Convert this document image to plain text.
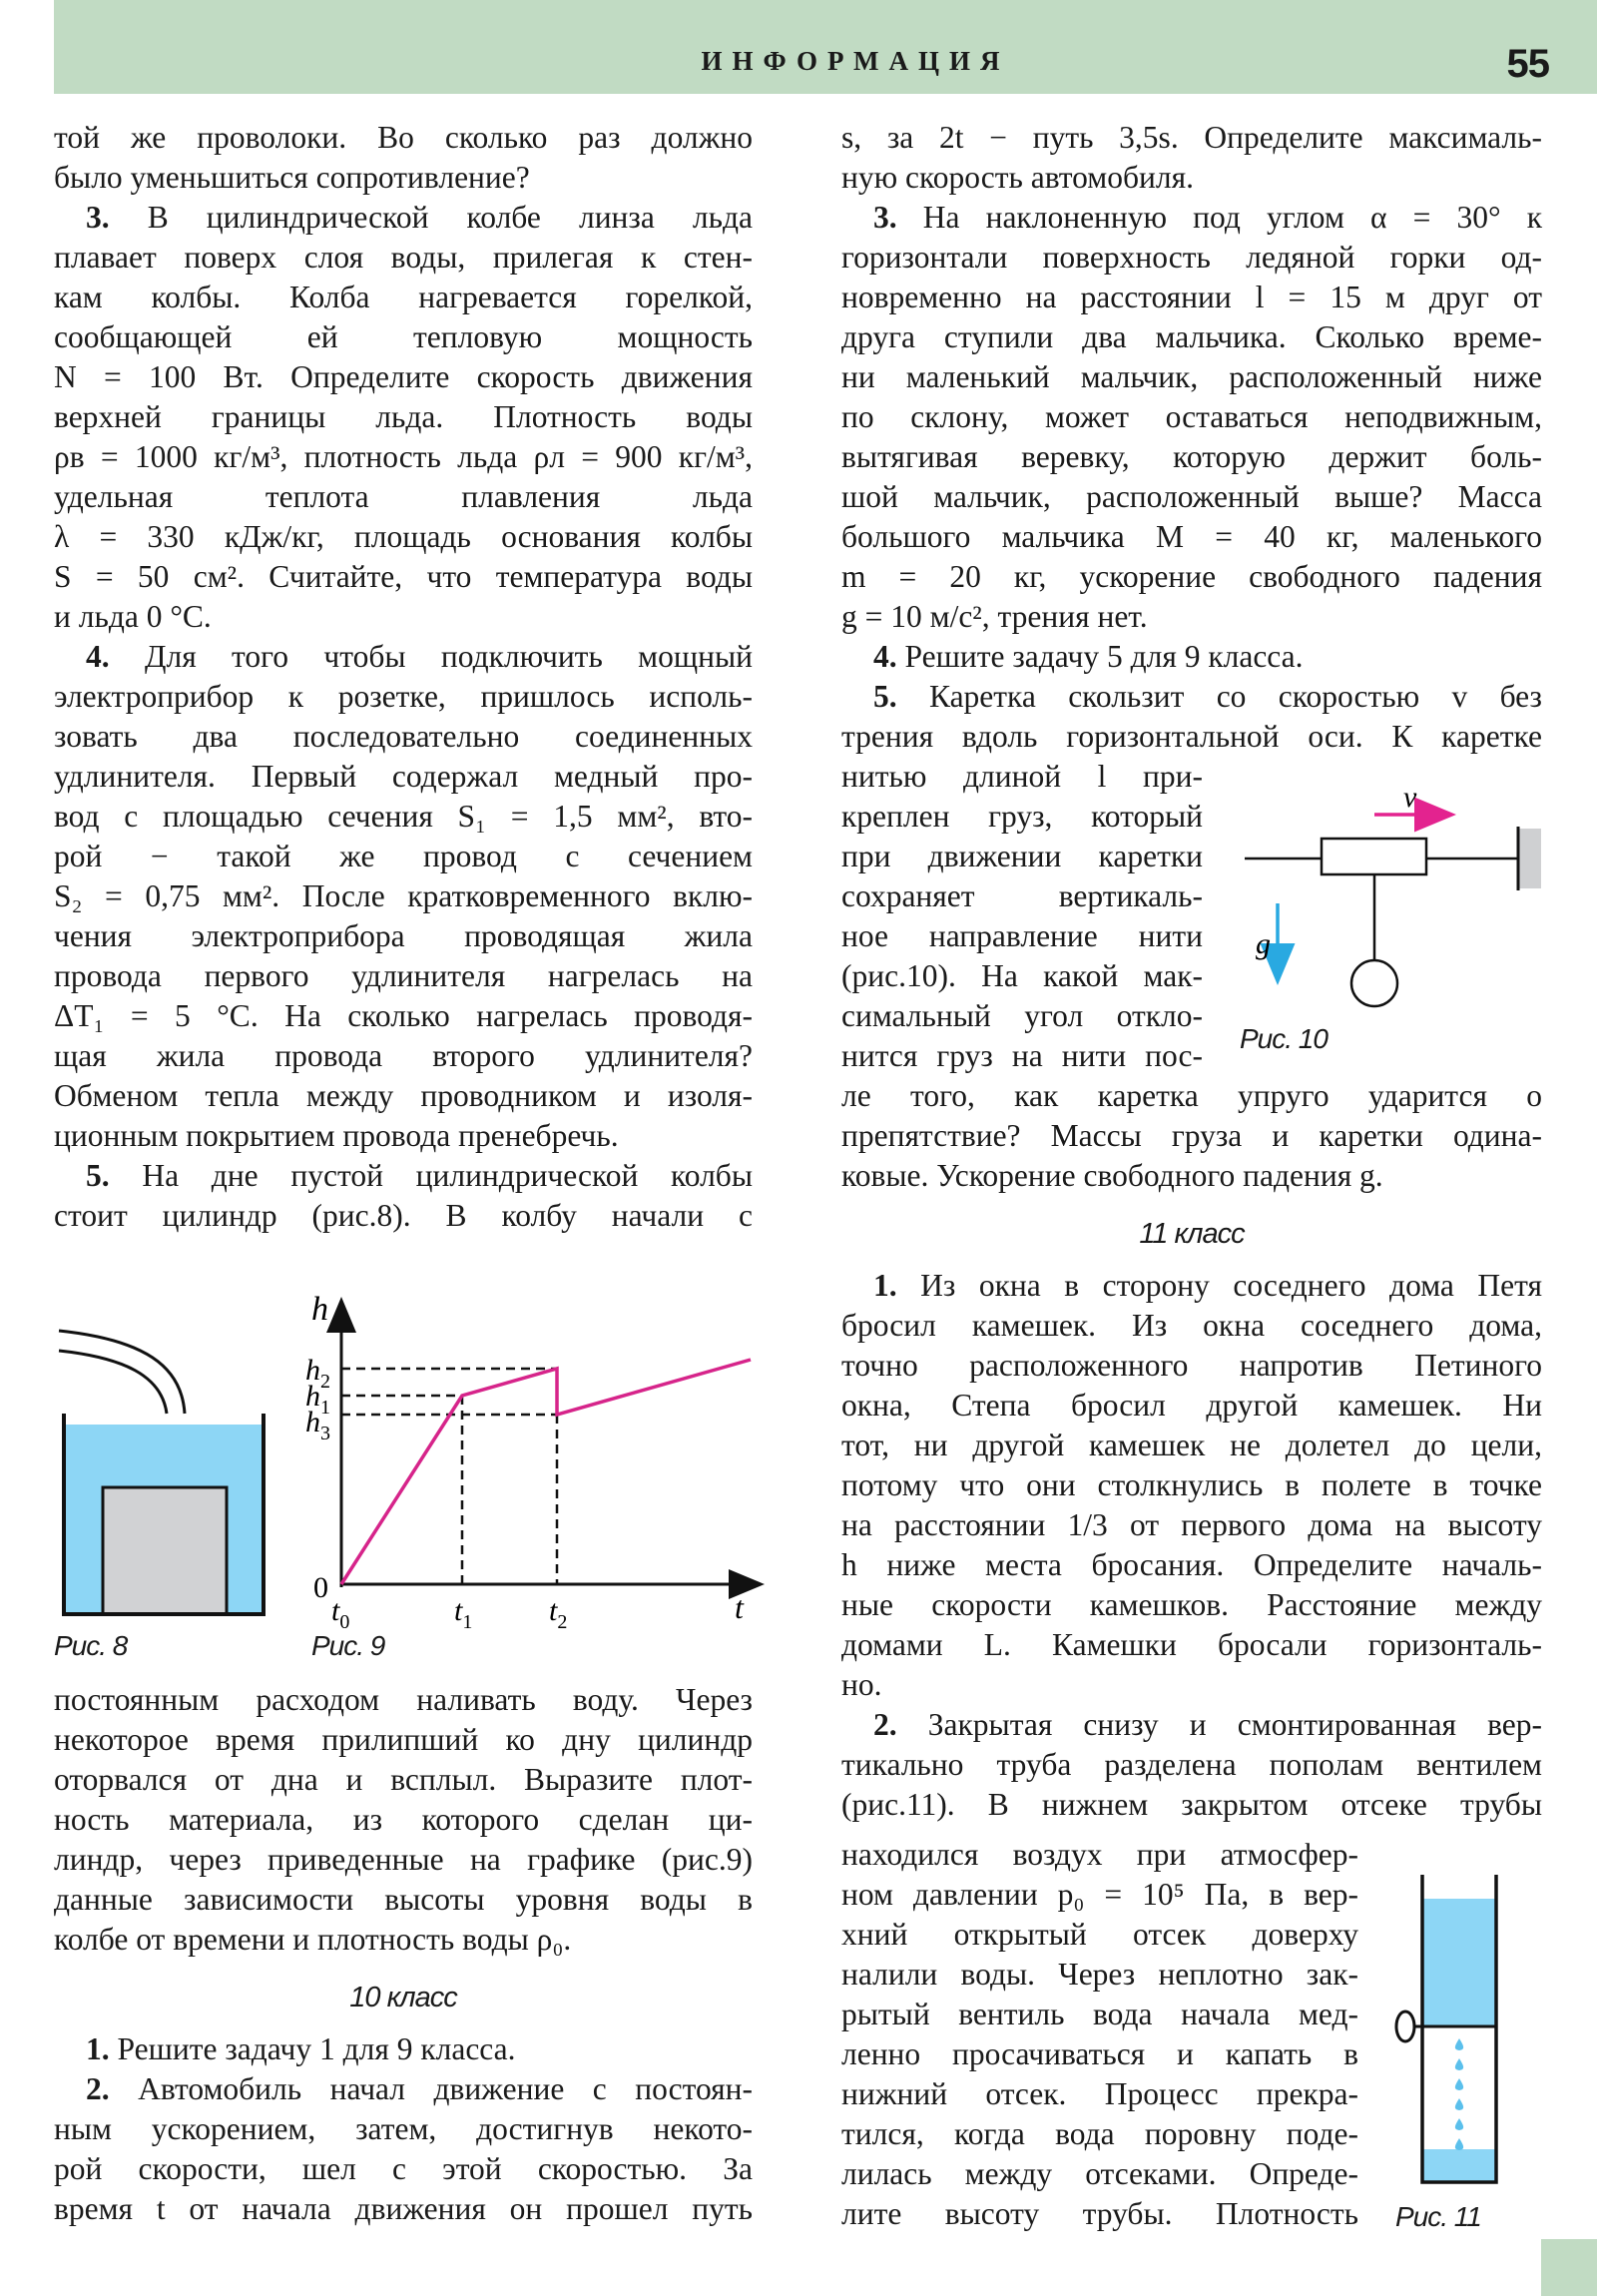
ИНФОРМАЦИЯ	55
той же проволоки. Во сколько раз должно
было уменьшиться сопротивление?
3. В цилиндрической колбе линза льда
плавает поверх слоя воды, прилегая к стен-
кам колбы. Колба нагревается горелкой,
сообщающей ей тепловую мощность
N = 100 Вт. Определите скорость движения
верхней границы льда. Плотность воды
ρв = 1000 кг/м³, плотность льда ρл = 900 кг/м³,
удельная теплота плавления льда
λ = 330 кДж/кг, площадь основания колбы
S = 50 см². Считайте, что температура воды
и льда 0 °C.
4. Для того чтобы подключить мощный
электроприбор к розетке, пришлось исполь-
зовать два последовательно соединенных
удлинителя. Первый содержал медный про-
вод с площадью сечения S₁ = 1,5 мм², вто-
рой − такой же провод с сечением
S₂ = 0,75 мм². После кратковременного вклю-
чения электроприбора проводящая жила
провода первого удлинителя нагрелась на
ΔT₁ = 5 °C. На сколько нагрелась проводя-
щая жила провода второго удлинителя?
Обменом тепла между проводником и изоля-
ционным покрытием провода пренебречь.
5. На дне пустой цилиндрической колбы
стоит цилиндр (рис.8). В колбу начали с
Рис. 8
h
$h_2$
$h_1$
$h_3$
0
$t_0$	$t_1$	$t_2$	t
Рис. 9
постоянным расходом наливать воду. Через
некоторое время прилипший ко дну цилиндр
оторвался от дна и всплыл. Выразите плот-
ность материала, из которого сделан ци-
линдр, через приведенные на графике (рис.9)
данные зависимости высоты уровня воды в
колбе от времени и плотность воды ρ₀.
10 класс
1. Решите задачу 1 для 9 класса.
2. Автомобиль начал движение с постоян-
ным ускорением, затем, достигнув некото-
рой скорости, шел с этой скоростью. За
время t от начала движения он прошел путь
s, за 2t − путь 3,5s. Определите максималь-
ную скорость автомобиля.
3. На наклоненную под углом α = 30° к
горизонтали поверхность ледяной горки од-
новременно на расстоянии l = 15 м друг от
друга ступили два мальчика. Сколько време-
ни маленький мальчик, расположенный ниже
по склону, может оставаться неподвижным,
вытягивая веревку, которую держит боль-
шой мальчик, расположенный выше? Масса
большого мальчика M = 40 кг, маленького
m = 20 кг, ускорение свободного падения
g = 10 м/с², трения нет.
4. Решите задачу 5 для 9 класса.
5. Каретка скользит со скоростью v без
трения вдоль горизонтальной оси. К каретке
нитью длиной l при-
креплен груз, который
при движении каретки
сохраняет вертикаль-
ное направление нити
(рис.10). На какой мак-
симальный угол откло-
нится груз на нити пос-
v
g
Рис. 10
ле того, как каретка упруго ударится о
препятствие? Массы груза и каретки одина-
ковые. Ускорение свободного падения g.
11 класс
1. Из окна в сторону соседнего дома Петя
бросил камешек. Из окна соседнего дома,
точно расположенного напротив Петиного
окна, Степа бросил другой камешек. Ни
тот, ни другой камешек не долетел до цели,
потому что они столкнулись в полете в точке
на расстоянии 1/3 от первого дома на высоту
h ниже места бросания. Определите началь-
ные скорости камешков. Расстояние между
домами L. Камешки бросали горизонталь-
но.
2. Закрытая снизу и смонтированная вер-
тикально труба разделена пополам вентилем
(рис.11). В нижнем закрытом отсеке трубы
находился воздух при атмосфер-
ном давлении p₀ = 10⁵ Па, в вер-
хний открытый отсек доверху
налили воды. Через неплотно зак-
рытый вентиль вода начала мед-
ленно просачиваться и капать в
нижний отсек. Процесс прекра-
тился, когда вода поровну поде-
лилась между отсеками. Опреде-
лите высоту трубы. Плотность Рис. 11
